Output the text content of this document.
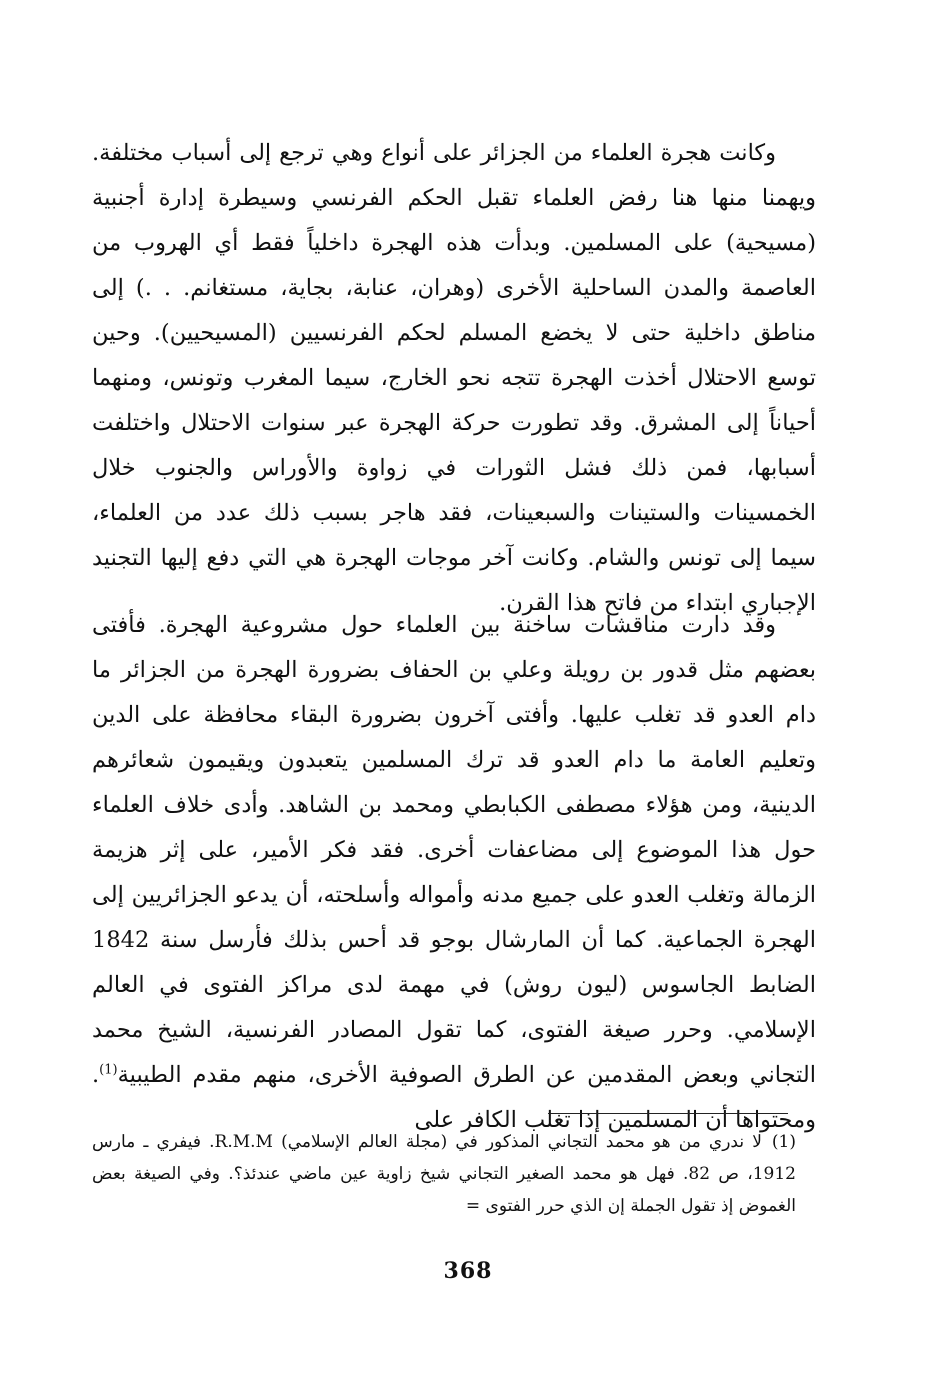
وكانت هجرة العلماء من الجزائر على أنواع وهي ترجع إلى أسباب مختلفة. ويهمنا منها هنا رفض العلماء تقبل الحكم الفرنسي وسيطرة إدارة أجنبية (مسيحية) على المسلمين. وبدأت هذه الهجرة داخلياً فقط أي الهروب من العاصمة والمدن الساحلية الأخرى (وهران، عنابة، بجاية، مستغانم. . .) إلى مناطق داخلية حتى لا يخضع المسلم لحكم الفرنسيين (المسيحيين). وحين توسع الاحتلال أخذت الهجرة تتجه نحو الخارج، سيما المغرب وتونس، ومنهما أحياناً إلى المشرق. وقد تطورت حركة الهجرة عبر سنوات الاحتلال واختلفت أسبابها، فمن ذلك فشل الثورات في زواوة والأوراس والجنوب خلال الخمسينات والستينات والسبعينات، فقد هاجر بسبب ذلك عدد من العلماء، سيما إلى تونس والشام. وكانت آخر موجات الهجرة هي التي دفع إليها التجنيد الإجباري ابتداء من فاتح هذا القرن.

وقد دارت مناقشات ساخنة بين العلماء حول مشروعية الهجرة. فأفتى بعضهم مثل قدور بن رويلة وعلي بن الحفاف بضرورة الهجرة من الجزائر ما دام العدو قد تغلب عليها. وأفتى آخرون بضرورة البقاء محافظة على الدين وتعليم العامة ما دام العدو قد ترك المسلمين يتعبدون ويقيمون شعائرهم الدينية، ومن هؤلاء مصطفى الكبابطي ومحمد بن الشاهد. وأدى خلاف العلماء حول هذا الموضوع إلى مضاعفات أخرى. فقد فكر الأمير، على إثر هزيمة الزمالة وتغلب العدو على جميع مدنه وأمواله وأسلحته، أن يدعو الجزائريين إلى الهجرة الجماعية. كما أن المارشال بوجو قد أحس بذلك فأرسل سنة 1842 الضابط الجاسوس (ليون روش) في مهمة لدى مراكز الفتوى في العالم الإسلامي. وحرر صيغة الفتوى، كما تقول المصادر الفرنسية، الشيخ محمد التجاني وبعض المقدمين عن الطرق الصوفية الأخرى، منهم مقدم الطيبية$^{(1)}$. ومحتواها أن المسلمين إذا تغلب الكافر على

(1)لا ندري من هو محمد التجاني المذكور في (مجلة العالم الإسلامي) R.M.M. فيفري ـ مارس 1912، ص 82. فهل هو محمد الصغير التجاني شيخ زاوية عين ماضي عندئذ؟. وفي الصيغة بعض الغموض إذ تقول الجملة إن الذي حرر الفتوى =

368
